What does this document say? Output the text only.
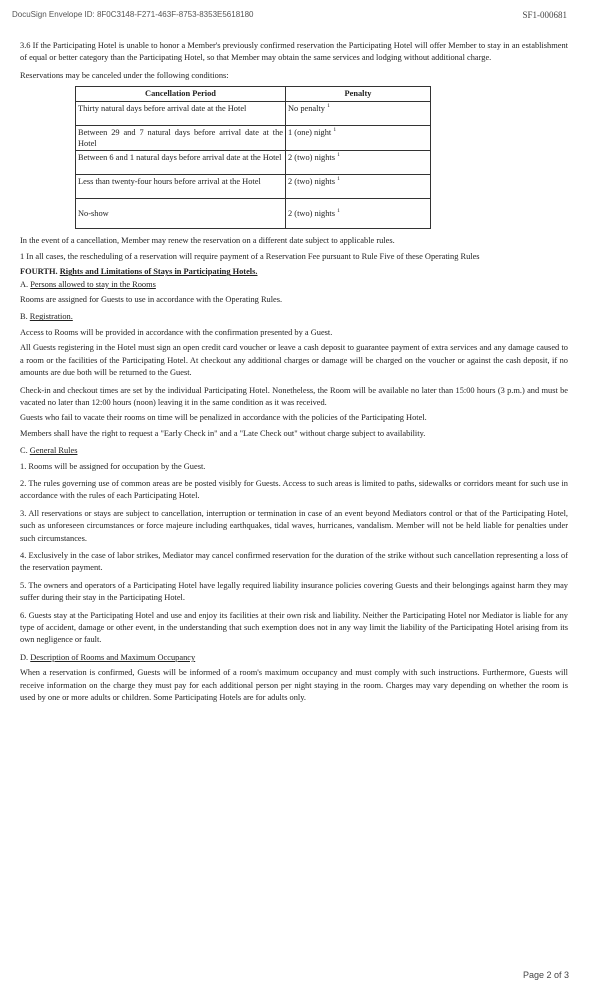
DocuSign Envelope ID: 8F0C3148-F271-463F-8753-8353E5618180	SF1-000681

3.6 If the Participating Hotel is unable to honor a Member's previously confirmed reservation the Participating Hotel will offer Member to stay in an establishment of equal or better category than the Participating Hotel, so that Member may obtain the same services and lodging without additional charge.

Reservations may be canceled under the following conditions:

Cancellation Period	Penalty
Thirty natural days before arrival date at the Hotel	No penalty $^1$
Between 29 and 7 natural days before arrival date at the Hotel	1 (one) night $^1$
Between 6 and 1 natural days before arrival date at the Hotel	2 (two) nights $^1$
Less than twenty-four hours before arrival at the Hotel	2 (two) nights $^1$
No-show	2 (two) nights $^1$

In the event of a cancellation, Member may renew the reservation on a different date subject to applicable rules.

1 In all cases, the rescheduling of a reservation will require payment of a Reservation Fee pursuant to Rule Five of these Operating Rules

FOURTH. Rights and Limitations of Stays in Participating Hotels.

A. Persons allowed to stay in the Rooms

Rooms are assigned for Guests to use in accordance with the Operating Rules.

B. Registration.

Access to Rooms will be provided in accordance with the confirmation presented by a Guest.

All Guests registering in the Hotel must sign an open credit card voucher or leave a cash deposit to guarantee payment of extra services and any damage caused to a room or the facilities of the Participating Hotel. At checkout any additional charges or damage will be charged on the voucher or against the cash deposit, if no amounts are due both will be returned to the Guest.

Check-in and checkout times are set by the individual Participating Hotel. Nonetheless, the Room will be available no later than 15:00 hours (3 p.m.) and must be vacated no later than 12:00 hours (noon) leaving it in the same condition as it was received.

Guests who fail to vacate their rooms on time will be penalized in accordance with the policies of the Participating Hotel.

Members shall have the right to request a "Early Check in" and a "Late Check out" without charge subject to availability.

C. General Rules

1. Rooms will be assigned for occupation by the Guest.

2. The rules governing use of common areas are be posted visibly for Guests. Access to such areas is limited to paths, sidewalks or corridors meant for such use in accordance with the rules of each Participating Hotel.

3. All reservations or stays are subject to cancellation, interruption or termination in case of an event beyond Mediators control or that of the Participating Hotel, such as unforeseen circumstances or force majeure including earthquakes, tidal waves, hurricanes, vandalism. Member will not be held liable for penalties under such circumstances.

4. Exclusively in the case of labor strikes, Mediator may cancel confirmed reservation for the duration of the strike without such cancellation representing a loss of the reservation payment.

5. The owners and operators of a Participating Hotel have legally required liability insurance policies covering Guests and their belongings against harm they may suffer during their stay in the Participating Hotel.

6. Guests stay at the Participating Hotel and use and enjoy its facilities at their own risk and liability. Neither the Participating Hotel nor Mediator is liable for any type of accident, damage or other event, in the understanding that such exemption does not in any way limit the liability of the Participating Hotel arising from its own negligence or fault.

D. Description of Rooms and Maximum Occupancy

When a reservation is confirmed, Guests will be informed of a room's maximum occupancy and must comply with such instructions. Furthermore, Guests will receive information on the charge they must pay for each additional person per night staying in the room. Charges may vary depending on whether the room is used by one or more adults or children. Some Participating Hotels are for adults only.

Page 2 of 3
